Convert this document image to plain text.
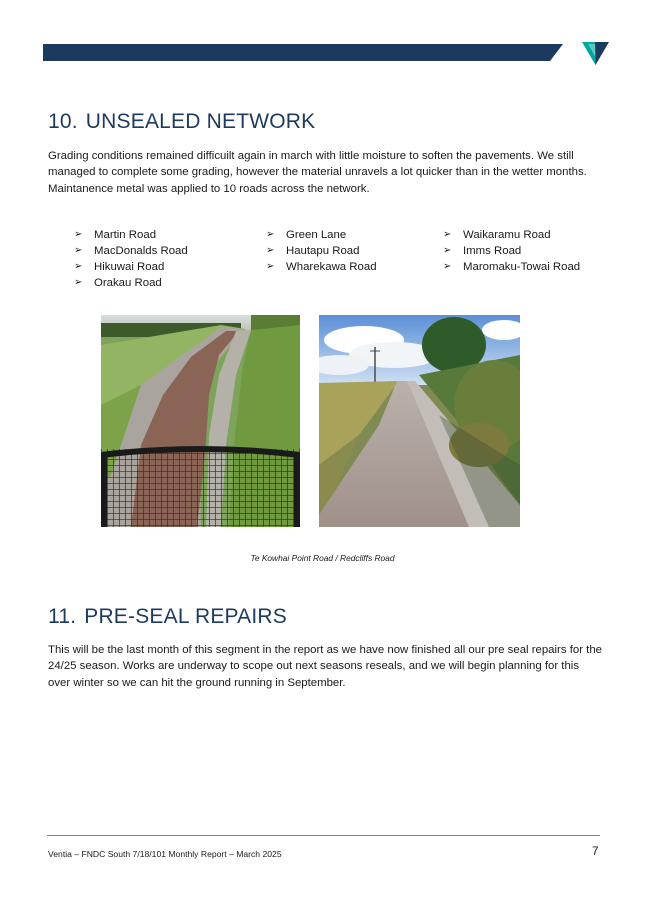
10. UNSEALED NETWORK

Grading conditions remained difficuilt again in march with little moisture to soften the pavements. We still managed to complete some grading, however the material unravels a lot quicker than in the wetter months. Maintanence metal was applied to 10 roads across the network.

➢ Martin Road
➢ MacDonalds Road
➢ Hikuwai Road
➢ Orakau Road
➢ Green Lane
➢ Hautapu Road
➢ Wharekawa Road
➢ Waikaramu Road
➢ Imms Road
➢ Maromaku-Towai Road
Te Kowhai Point Road / Redcliffs Road
11. PRE-SEAL REPAIRS

This will be the last month of this segment in the report as we have now finished all our pre seal repairs for the 24/25 season. Works are underway to scope out next seasons reseals, and we will begin planning for this over winter so we can hit the ground running in September.

Ventia – FNDC South 7/18/101 Monthly Report – March 2025	7
